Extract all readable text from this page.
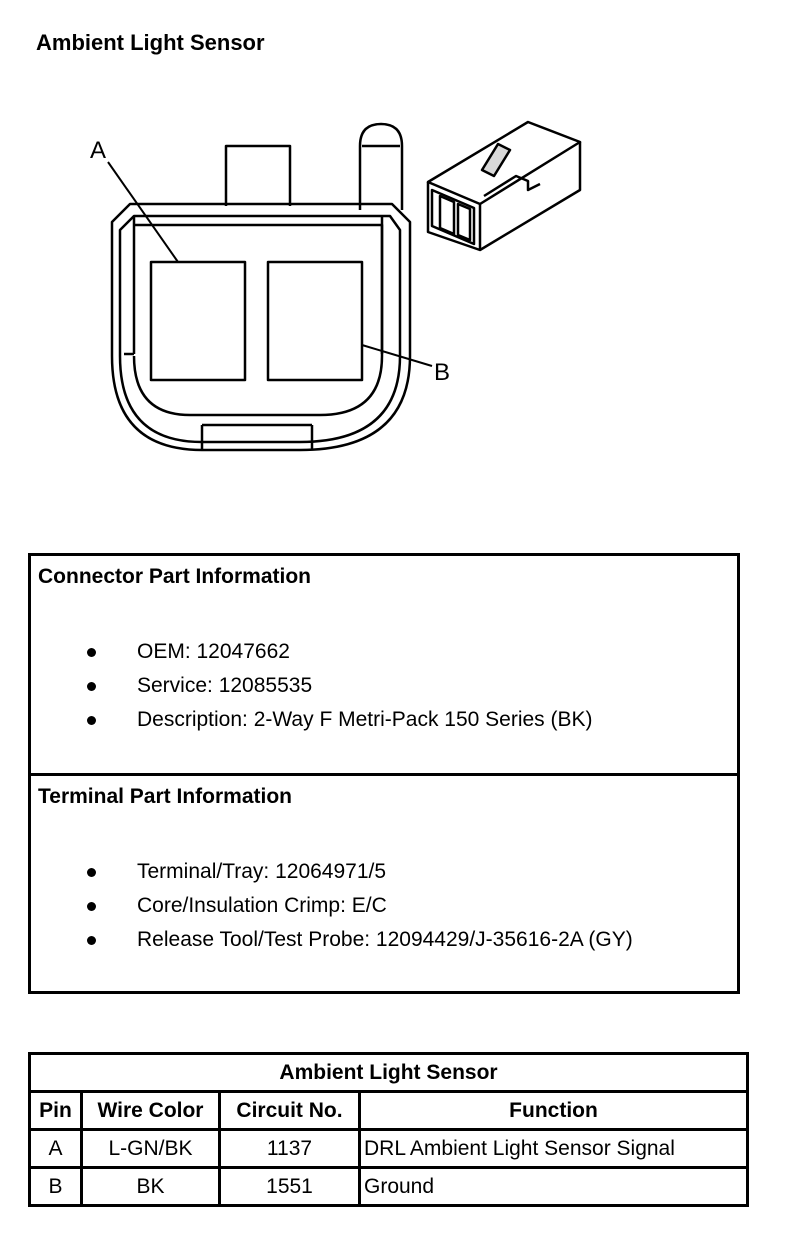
Ambient Light Sensor
A
B
Connector Part Information
OEM: 12047662
Service: 12085535
Description: 2-Way F Metri-Pack 150 Series (BK)
Terminal Part Information
Terminal/Tray: 12064971/5
Core/Insulation Crimp: E/C
Release Tool/Test Probe: 12094429/J-35616-2A (GY)
Ambient Light Sensor			
Pin	Wire Color	Circuit No.	Function
A	L-GN/BK	1137	DRL Ambient Light Sensor Signal
B	BK	1551	Ground
